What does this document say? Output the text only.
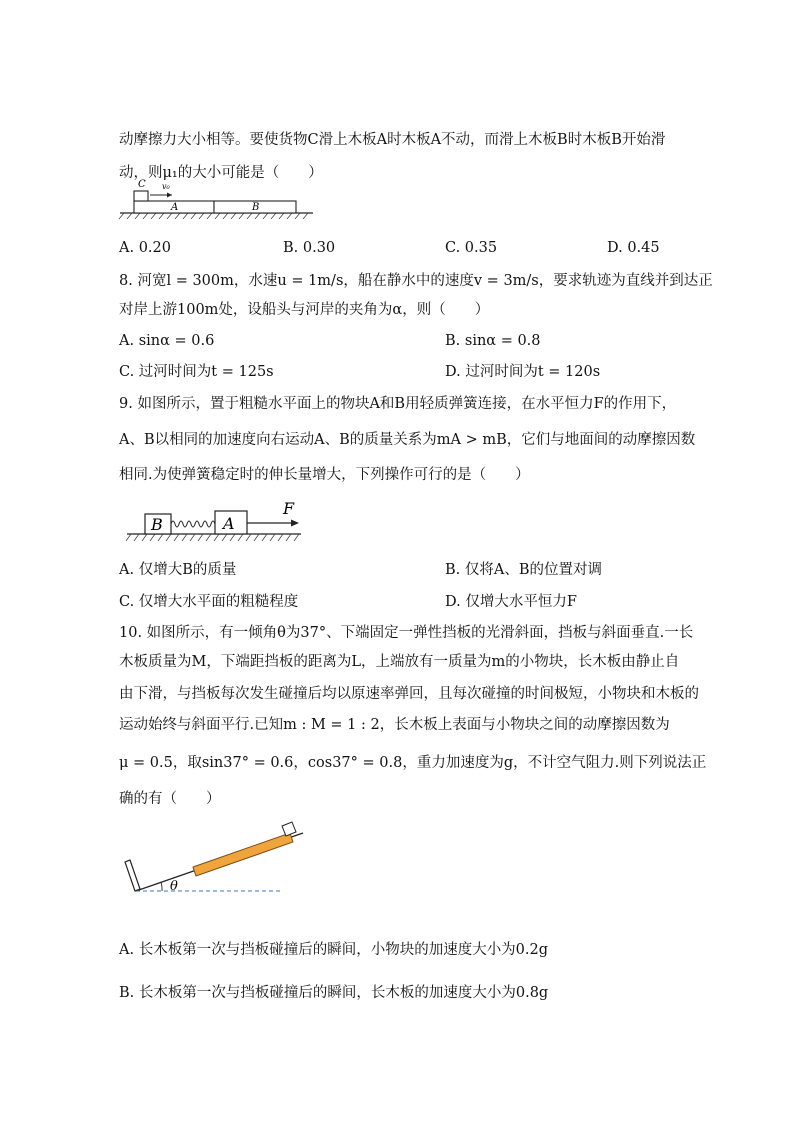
动摩擦力大小相等。要使货物C滑上木板A时木板A不动，而滑上木板B时木板B开始滑
动，则μ₁的大小可能是（　　）
C v₀
A	B
A. 0.20	B. 0.30	C. 0.35	D. 0.45
8. 河宽l = 300m，水速u = 1m/s，船在静水中的速度v = 3m/s，要求轨迹为直线并到达正
对岸上游100m处，设船头与河岸的夹角为α，则（　　）
A. sinα = 0.6	B. sinα = 0.8
C. 过河时间为t = 125s	D. 过河时间为t = 120s
9. 如图所示，置于粗糙水平面上的物块A和B用轻质弹簧连接，在水平恒力F的作用下，
A、B以相同的加速度向右运动A、B的质量关系为mA > mB，它们与地面间的动摩擦因数
相同.为使弹簧稳定时的伸长量增大，下列操作可行的是（　　）
B	A
F
A. 仅增大B的质量	B. 仅将A、B的位置对调
C. 仅增大水平面的粗糙程度	D. 仅增大水平恒力F
10. 如图所示，有一倾角θ为37°、下端固定一弹性挡板的光滑斜面，挡板与斜面垂直.一长
木板质量为M，下端距挡板的距离为L，上端放有一质量为m的小物块，长木板由静止自
由下滑，与挡板每次发生碰撞后均以原速率弹回，且每次碰撞的时间极短，小物块和木板的
运动始终与斜面平行.已知m : M = 1 : 2，长木板上表面与小物块之间的动摩擦因数为
μ = 0.5，取sin37° = 0.6，cos37° = 0.8，重力加速度为g，不计空气阻力.则下列说法正
确的有（　　）
θ
A. 长木板第一次与挡板碰撞后的瞬间，小物块的加速度大小为0.2g
B. 长木板第一次与挡板碰撞后的瞬间，长木板的加速度大小为0.8g
